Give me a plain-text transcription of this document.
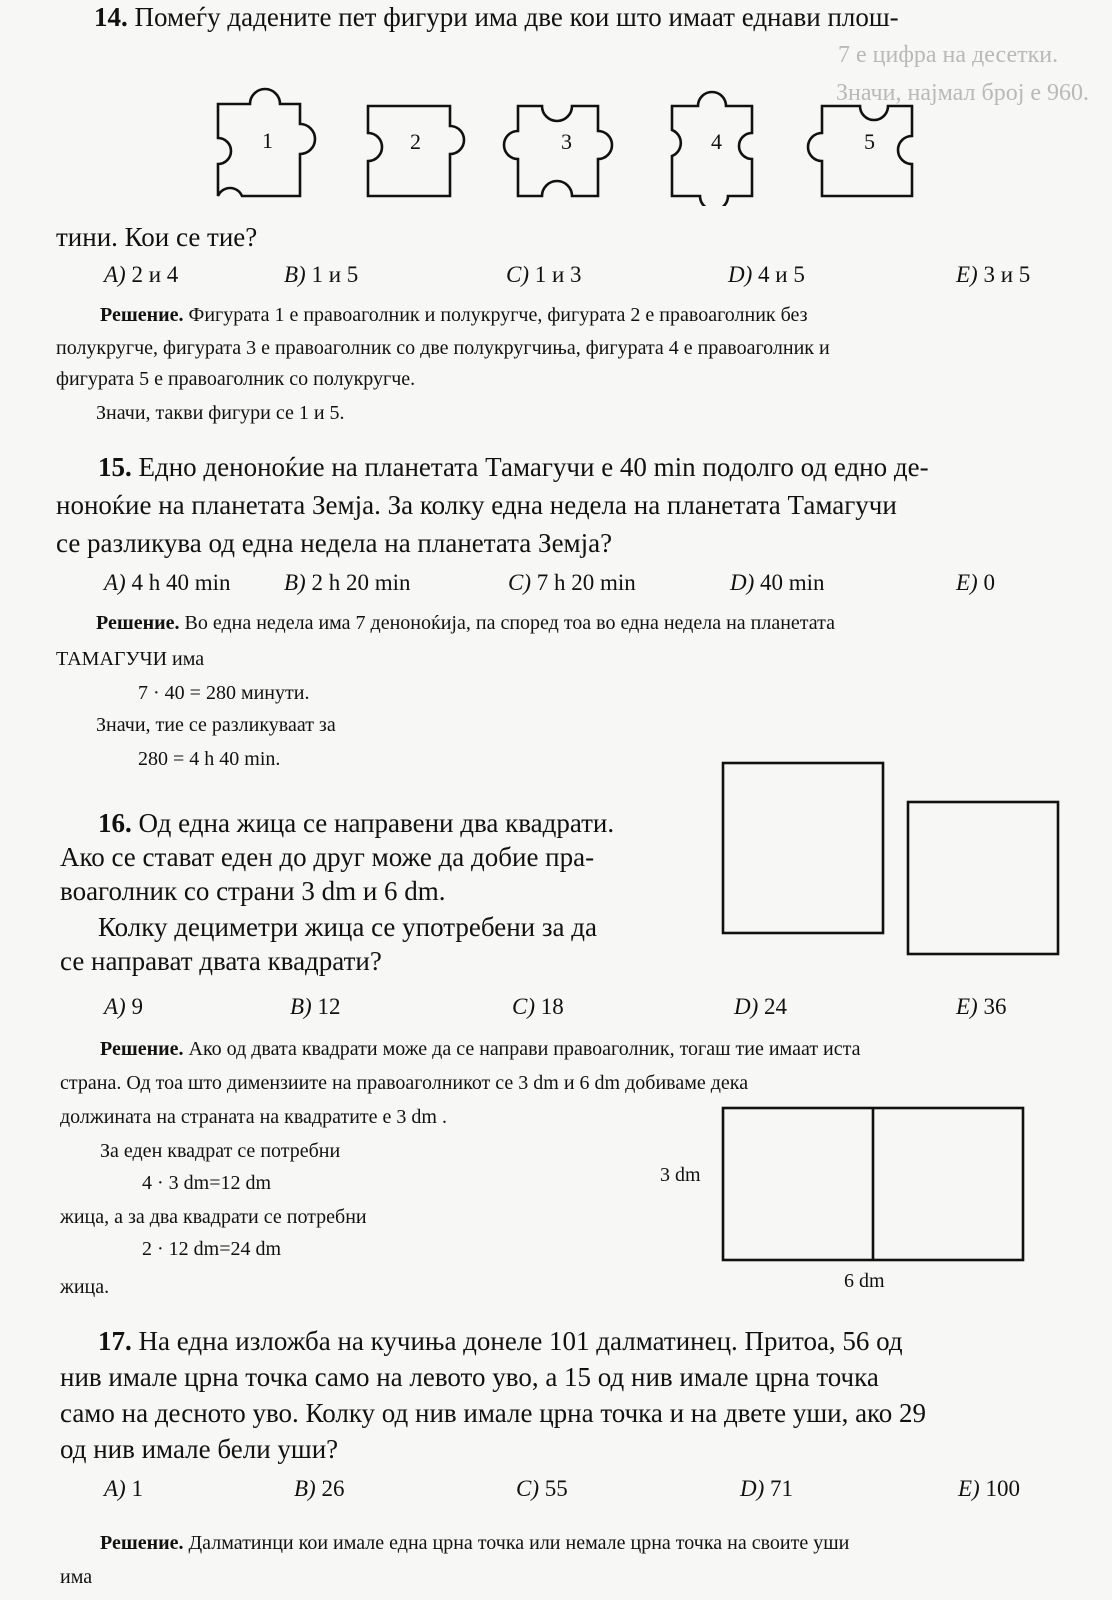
7 е цифра на десетки.
Значи, најмал број е 960.
14. Помеѓу дадените пет фигури има две кои што имаат еднави плош-
1	2	3	4	5
тини. Кои се тие?
A) 2 и 4	B) 1 и 5	C) 1 и 3	D) 4 и 5	E) 3 и 5
Решение. Фигурата 1 е правоаголник и полукругче, фигурата 2 е правоаголник без
полукругче, фигурата 3 е правоаголник со две полукругчиња, фигурата 4 е правоаголник и
фигурата 5 е правоаголник со полукругче.
Значи, такви фигури се 1 и 5.
15. Едно деноноќие на планетата Тамагучи е 40 min подолго од едно де-
ноноќие на планетата Земја. За колку една недела на планетата Тамагучи
се разликува од една недела на планетата Земја?
A) 4 h 40 min B) 2 h 20 min	C) 7 h 20 min	D) 40 min	E) 0
Решение. Во една недела има 7 деноноќија, па според тоа во една недела на планетата
ТАМАГУЧИ има
7 · 40 = 280 минути.
Значи, тие се разликуваат за
280 = 4 h 40 min.
16. Од една жица се направени два квадрати.
Ако се стават еден до друг може да добие пра-
воаголник со страни 3 dm и 6 dm.
Колку дециметри жица се употребени за да
се направат двата квадрати?
A) 9	B) 12	C) 18	D) 24	E) 36
Решение. Ако од двата квадрати може да се направи правоаголник, тогаш тие имаат иста
страна. Од тоа што димензиите на правоаголникот се 3 dm и 6 dm добиваме дека
должината на страната на квадратите е 3 dm .
За еден квадрат се потребни
4 · 3 dm=12 dm
жица, а за два квадрати се потребни
2 · 12 dm=24 dm
жица.
3 dm
6 dm
17. На една изложба на кучиња донеле 101 далматинец. Притоа, 56 од
нив имале црна точка само на левото уво, а 15 од нив имале црна точка
само на десното уво. Колку од нив имале црна точка и на двете уши, ако 29
од нив имале бели уши?
A) 1	B) 26	C) 55	D) 71	E) 100
Решение. Далматинци кои имале една црна точка или немале црна точка на своите уши
има
